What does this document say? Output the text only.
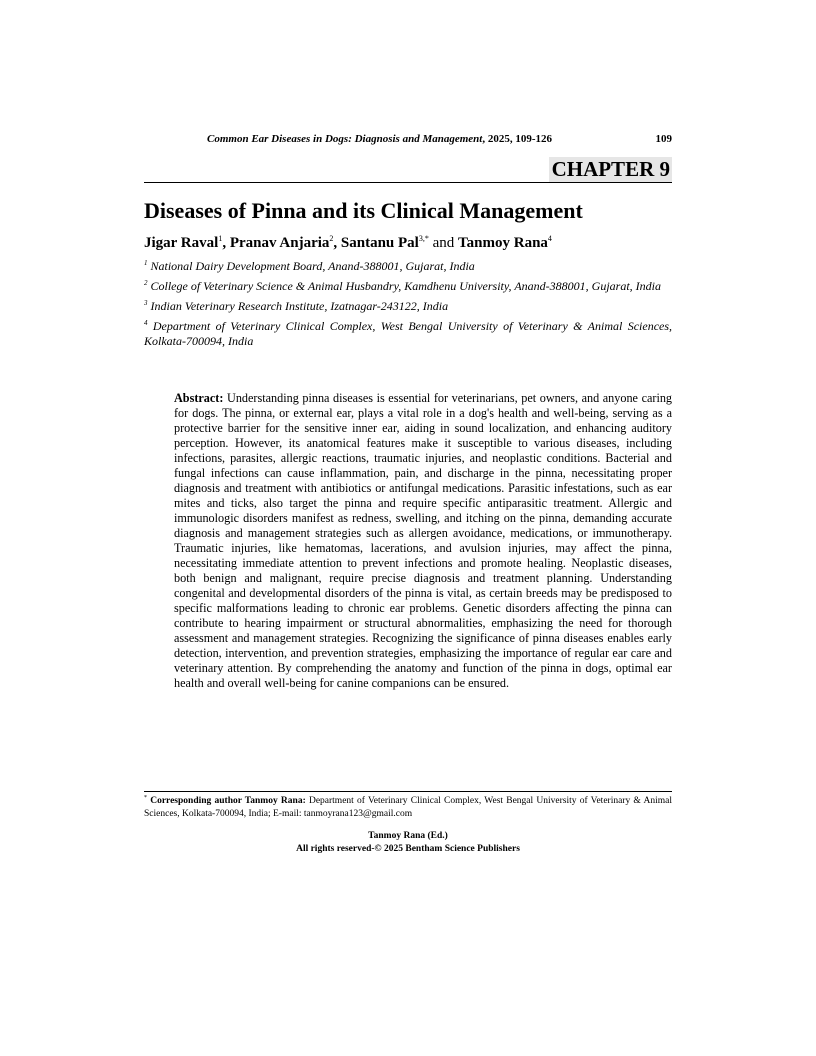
Common Ear Diseases in Dogs: Diagnosis and Management, 2025, 109-126	109
CHAPTER 9
Diseases of Pinna and its Clinical Management
Jigar Raval$^1$, Pranav Anjaria$^2$, Santanu Pal$^{3,*}$ and Tanmoy Rana$^4$
$^1$ National Dairy Development Board, Anand-388001, Gujarat, India
$^2$ College of Veterinary Science & Animal Husbandry, Kamdhenu University, Anand-388001, Gujarat, India
$^3$ Indian Veterinary Research Institute, Izatnagar-243122, India
$^4$ Department of Veterinary Clinical Complex, West Bengal University of Veterinary & Animal Sciences, Kolkata-700094, India

Abstract: Understanding pinna diseases is essential for veterinarians, pet owners, and anyone caring for dogs. The pinna, or external ear, plays a vital role in a dog's health and well-being, serving as a protective barrier for the sensitive inner ear, aiding in sound localization, and enhancing auditory perception. However, its anatomical features make it susceptible to various diseases, including infections, parasites, allergic reactions, traumatic injuries, and neoplastic conditions. Bacterial and fungal infections can cause inflammation, pain, and discharge in the pinna, necessitating proper diagnosis and treatment with antibiotics or antifungal medications. Parasitic infestations, such as ear mites and ticks, also target the pinna and require specific antiparasitic treatment. Allergic and immunologic disorders manifest as redness, swelling, and itching on the pinna, demanding accurate diagnosis and management strategies such as allergen avoidance, medications, or immunotherapy. Traumatic injuries, like hematomas, lacerations, and avulsion injuries, may affect the pinna, necessitating immediate attention to prevent infections and promote healing. Neoplastic diseases, both benign and malignant, require precise diagnosis and treatment planning. Understanding congenital and developmental disorders of the pinna is vital, as certain breeds may be predisposed to specific malformations leading to chronic ear problems. Genetic disorders affecting the pinna can contribute to hearing impairment or structural abnormalities, emphasizing the need for thorough assessment and management strategies. Recognizing the significance of pinna diseases enables early detection, intervention, and prevention strategies, emphasizing the importance of regular ear care and veterinary attention. By comprehending the anatomy and function of the pinna in dogs, optimal ear health and overall well-being for canine companions can be ensured.

* Corresponding author Tanmoy Rana: Department of Veterinary Clinical Complex, West Bengal University of Veterinary & Animal Sciences, Kolkata-700094, India; E-mail: tanmoyrana123@gmail.com

Tanmoy Rana (Ed.)
All rights reserved-© 2025 Bentham Science Publishers
